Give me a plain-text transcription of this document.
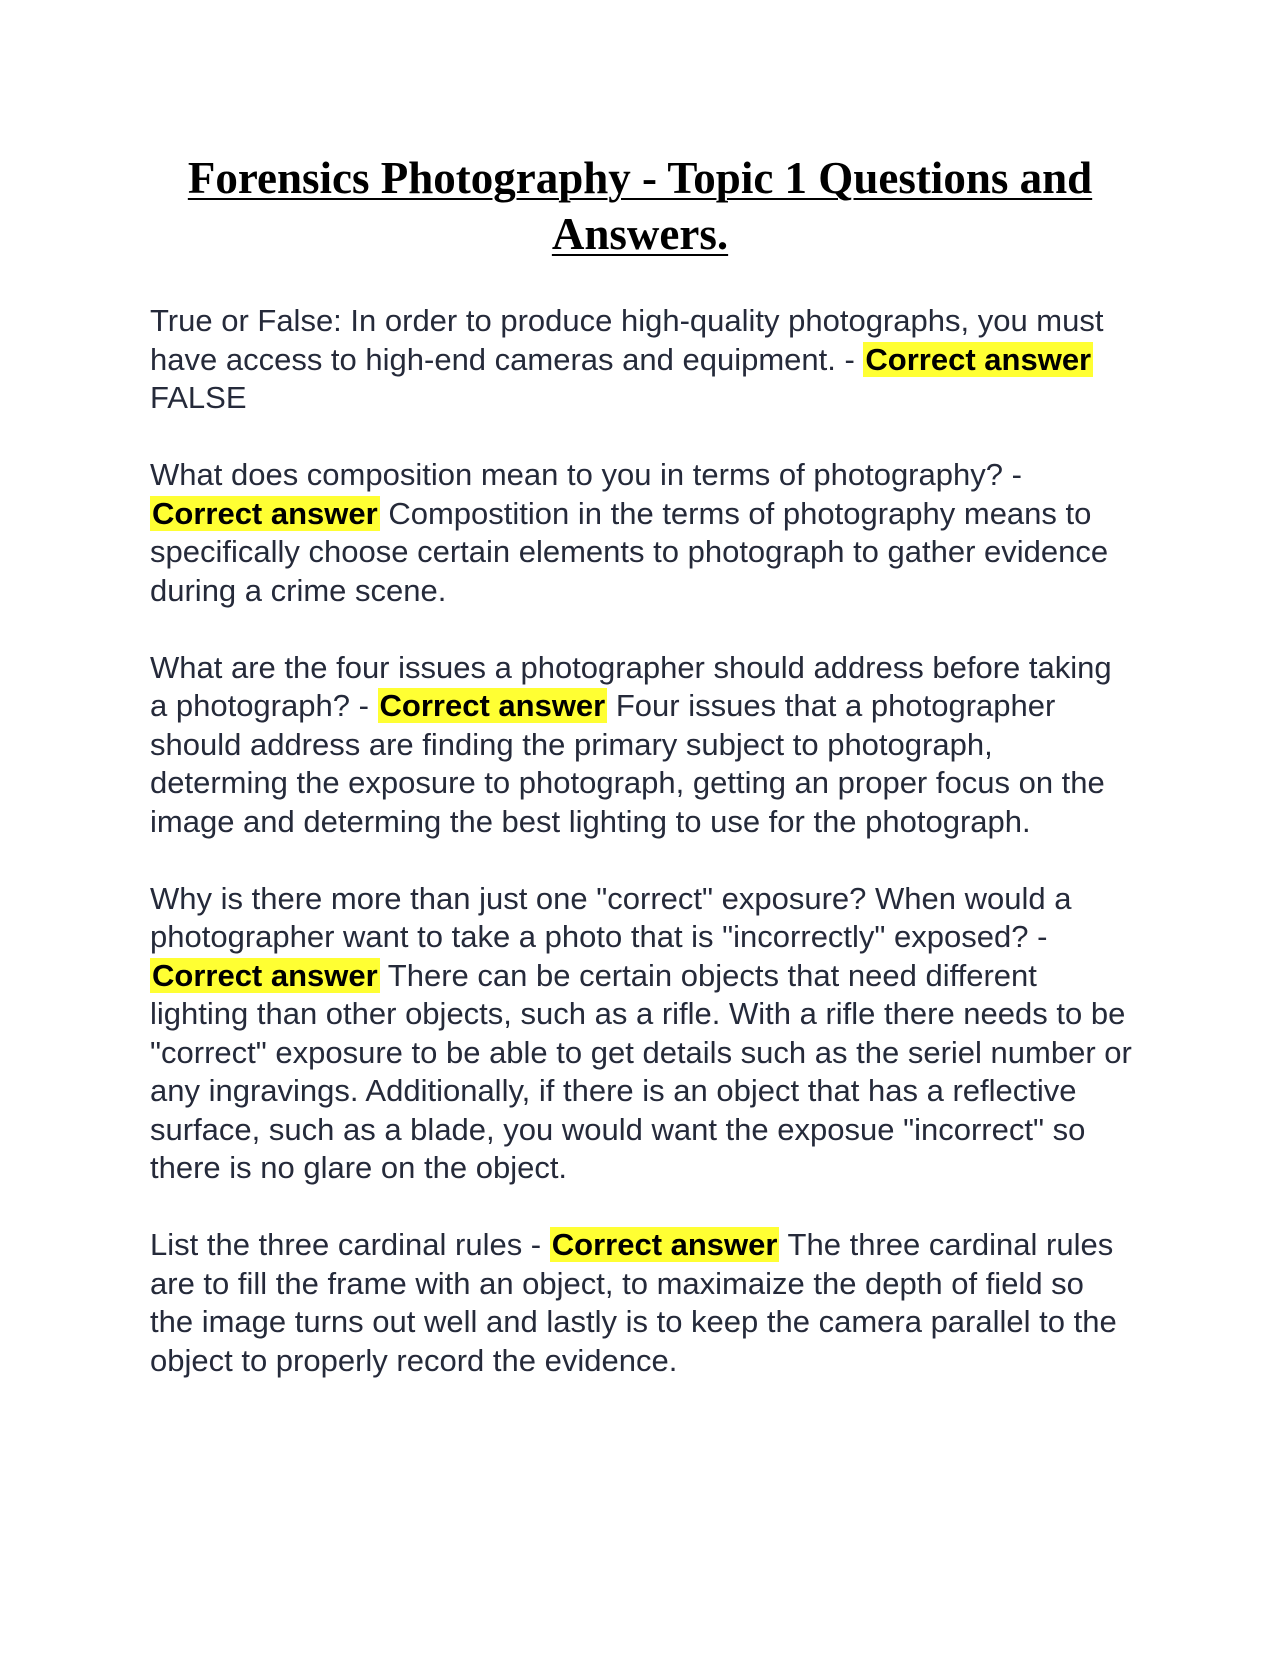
Forensics Photography - Topic 1 Questions and Answers.

True or False: In order to produce high-quality photographs, you must have access to high-end cameras and equipment. - Correct answer FALSE

What does composition mean to you in terms of photography? - Correct answer Compostition in the terms of photography means to specifically choose certain elements to photograph to gather evidence during a crime scene.

What are the four issues a photographer should address before taking a photograph? - Correct answer Four issues that a photographer should address are finding the primary subject to photograph, determing the exposure to photograph, getting an proper focus on the image and determing the best lighting to use for the photograph.

Why is there more than just one "correct" exposure? When would a photographer want to take a photo that is "incorrectly" exposed? - Correct answer There can be certain objects that need different lighting than other objects, such as a rifle. With a rifle there needs to be "correct" exposure to be able to get details such as the seriel number or any ingravings. Additionally, if there is an object that has a reflective surface, such as a blade, you would want the exposue "incorrect" so there is no glare on the object.

List the three cardinal rules - Correct answer The three cardinal rules are to fill the frame with an object, to maximaize the depth of field so the image turns out well and lastly is to keep the camera parallel to the object to properly record the evidence.
